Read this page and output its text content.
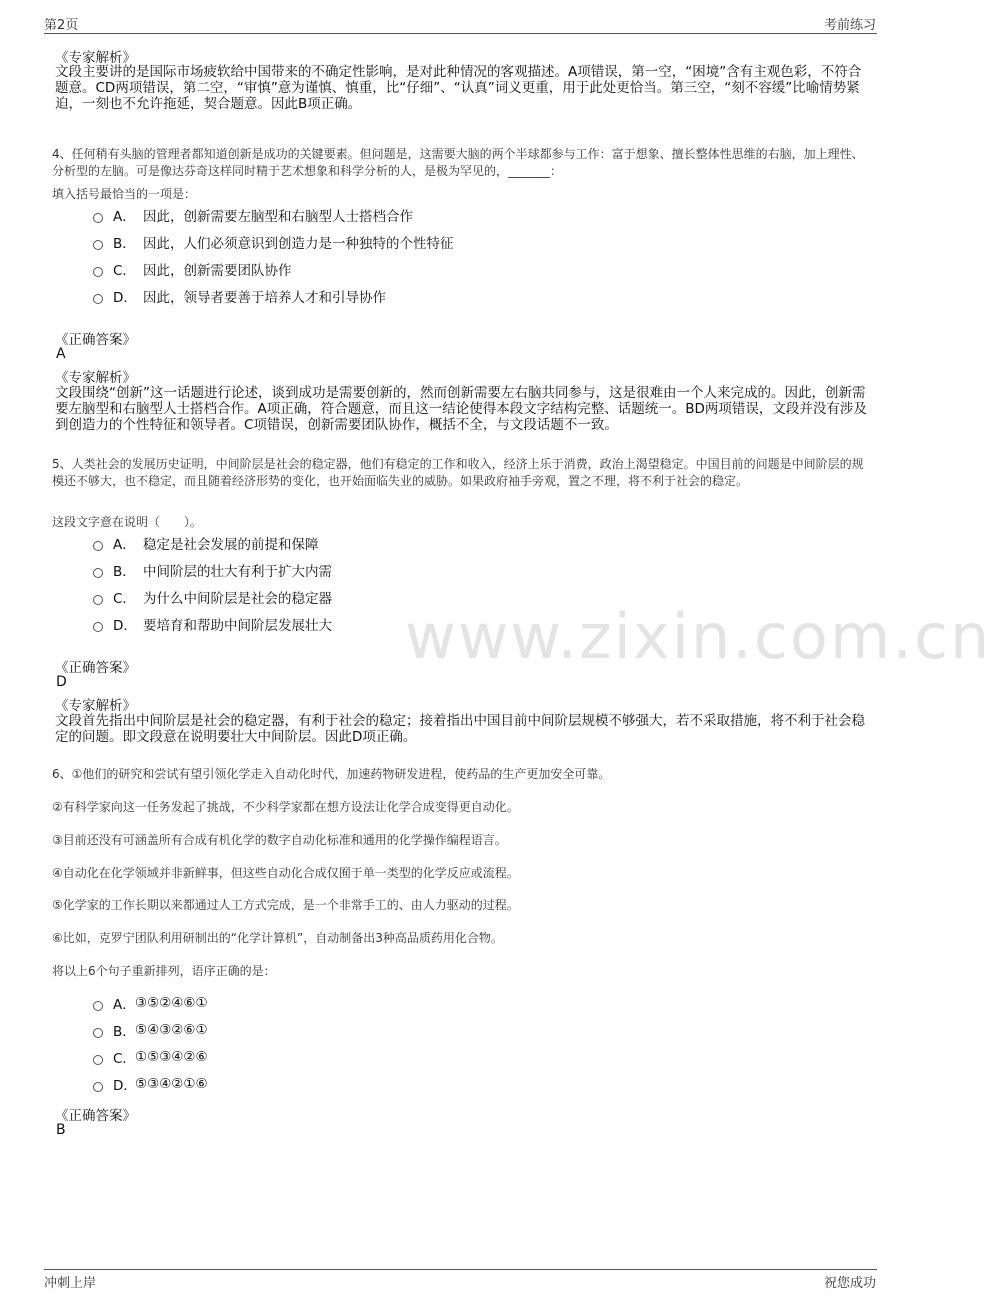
第2页	考前练习
www.zixin.com.cn
《专家解析》
文段主要讲的是国际市场疲软给中国带来的不确定性影响，是对此种情况的客观描述。A项错误，第一空，“困境”含有主观色彩，不符合题意。CD两项错误，第二空，“审慎”意为谨慎、慎重，比“仔细”、“认真”词义更重，用于此处更恰当。第三空，“刻不容缓”比喻情势紧迫，一刻也不允许拖延，契合题意。因此B项正确。
4、任何稍有头脑的管理者都知道创新是成功的关键要素。但问题是，这需要大脑的两个半球都参与工作：富于想象、擅长整体性思维的右脑，加上理性、分析型的左脑。可是像达芬奇这样同时精于艺术想象和科学分析的人，是极为罕见的，_______：
填入括号最恰当的一项是：
A． 因此，创新需要左脑型和右脑型人士搭档合作
B． 因此，人们必须意识到创造力是一种独特的个性特征
C． 因此，创新需要团队协作
D． 因此，领导者要善于培养人才和引导协作
《正确答案》
A
《专家解析》
文段围绕“创新”这一话题进行论述，谈到成功是需要创新的，然而创新需要左右脑共同参与，这是很难由一个人来完成的。因此，创新需要左脑型和右脑型人士搭档合作。A项正确，符合题意，而且这一结论使得本段文字结构完整、话题统一。BD两项错误，文段并没有涉及到创造力的个性特征和领导者。C项错误，创新需要团队协作，概括不全，与文段话题不一致。
5、人类社会的发展历史证明，中间阶层是社会的稳定器，他们有稳定的工作和收入，经济上乐于消费，政治上渴望稳定。中国目前的问题是中间阶层的规模还不够大，也不稳定，而且随着经济形势的变化，也开始面临失业的威胁。如果政府袖手旁观，置之不理，将不利于社会的稳定。
这段文字意在说明（　　）。
A． 稳定是社会发展的前提和保障
B． 中间阶层的壮大有利于扩大内需
C． 为什么中间阶层是社会的稳定器
D． 要培育和帮助中间阶层发展壮大
《正确答案》
D
《专家解析》
文段首先指出中间阶层是社会的稳定器，有利于社会的稳定；接着指出中国目前中间阶层规模不够强大，若不采取措施，将不利于社会稳定的问题。即文段意在说明要壮大中间阶层。因此D项正确。
6、①他们的研究和尝试有望引领化学走入自动化时代，加速药物研发进程，使药品的生产更加安全可靠。
②有科学家向这一任务发起了挑战，不少科学家都在想方设法让化学合成变得更自动化。
③目前还没有可涵盖所有合成有机化学的数字自动化标准和通用的化学操作编程语言。
④自动化在化学领域并非新鲜事，但这些自动化合成仅囿于单一类型的化学反应或流程。
⑤化学家的工作长期以来都通过人工方式完成，是一个非常手工的、由人力驱动的过程。
⑥比如，克罗宁团队利用研制出的“化学计算机”，自动制备出3种高品质药用化合物。
将以上6个句子重新排列，语序正确的是：
A． ③⑤②④⑥①
B． ⑤④③②⑥①
C． ①⑤③④②⑥
D．
⑤③④②①⑥
《正确答案》
B
冲刺上岸	祝您成功
